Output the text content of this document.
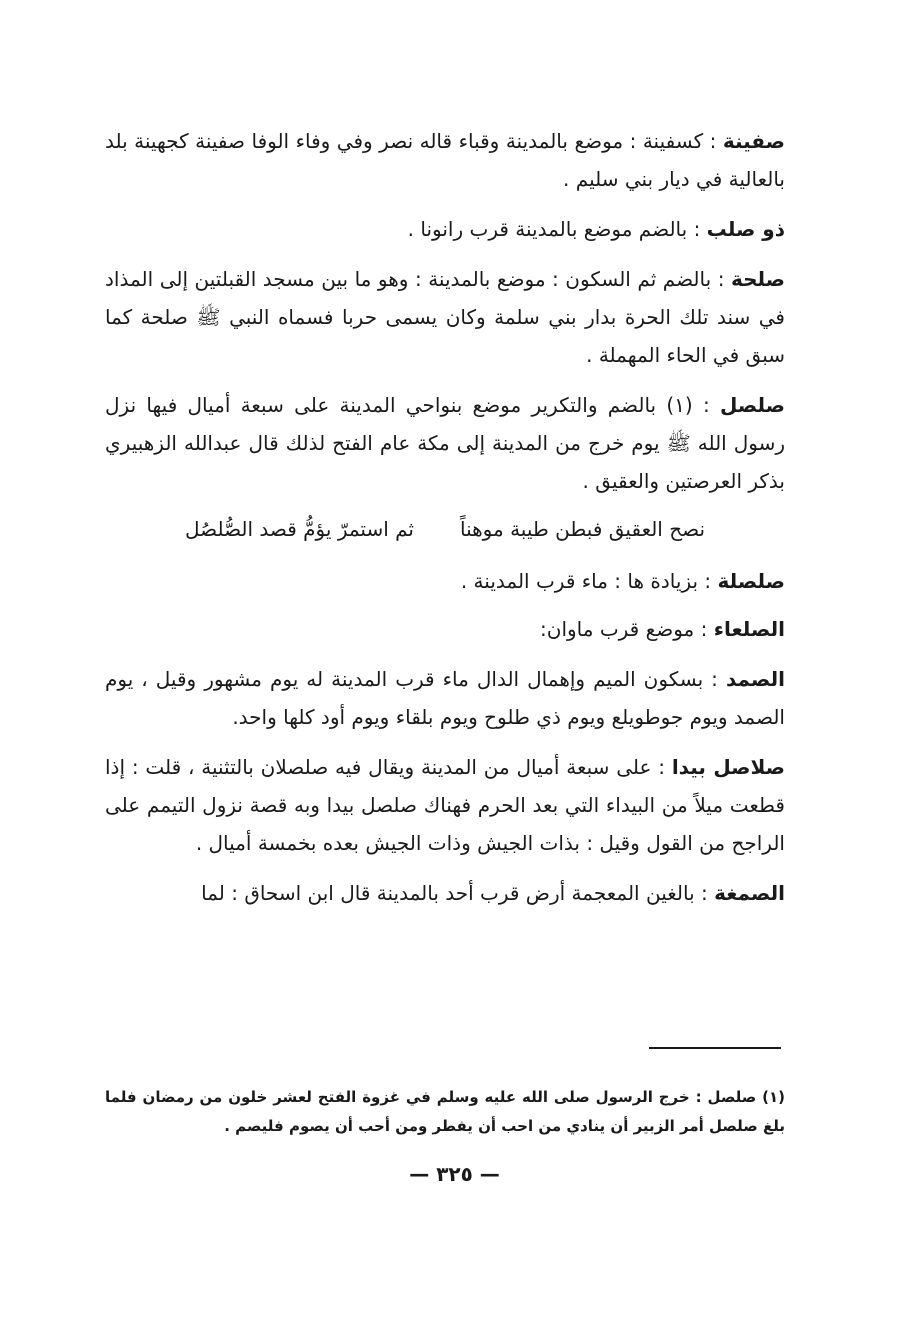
صفينة : كسفينة : موضع بالمدينة وقباء قاله نصر وفي وفاء الوفا صفينة كجهينة بلد بالعالية في ديار بني سليم .

ذو صلب : بالضم موضع بالمدينة قرب رانونا .

صلحة : بالضم ثم السكون : موضع بالمدينة : وهو ما بين مسجد القبلتين إلى المذاد في سند تلك الحرة بدار بني سلمة وكان يسمى حربا فسماه النبي ﷺ صلحة كما سبق في الحاء المهملة .

صلصل : (١) بالضم والتكرير موضع بنواحي المدينة على سبعة أميال فيها نزل رسول الله ﷺ يوم خرج من المدينة إلى مكة عام الفتح لذلك قال عبدالله الزهبيري بذكر العرصتين والعقيق .

نصح العقيق فبطن طيبة موهناً
ثم استمرّ يؤمُّ قصد الصُّلصُل

صلصلة : بزيادة ها : ماء قرب المدينة .

الصلعاء : موضع قرب ماوان:

الصمد : بسكون الميم وإهمال الدال ماء قرب المدينة له يوم مشهور وقيل ، يوم الصمد ويوم جوطويلع ويوم ذي طلوح ويوم بلقاء ويوم أود كلها واحد.

صلاصل بيدا : على سبعة أميال من المدينة ويقال فيه صلصلان بالتثنية ، قلت : إذا قطعت ميلاً من البيداء التي بعد الحرم فهناك صلصل بيدا وبه قصة نزول التيمم على الراجح من القول وقيل : بذات الجيش وذات الجيش بعده بخمسة أميال .

الصمغة : بالغين المعجمة أرض قرب أحد بالمدينة قال ابن اسحاق : لما

(١) صلصل : خرج الرسول صلى الله عليه وسلم في غزوة الفتح لعشر خلون من رمضان فلما بلغ صلصل أمر الزبير أن ينادي من احب أن يفطر ومن أحب أن يصوم فليصم .

— ٣٢٥ —
